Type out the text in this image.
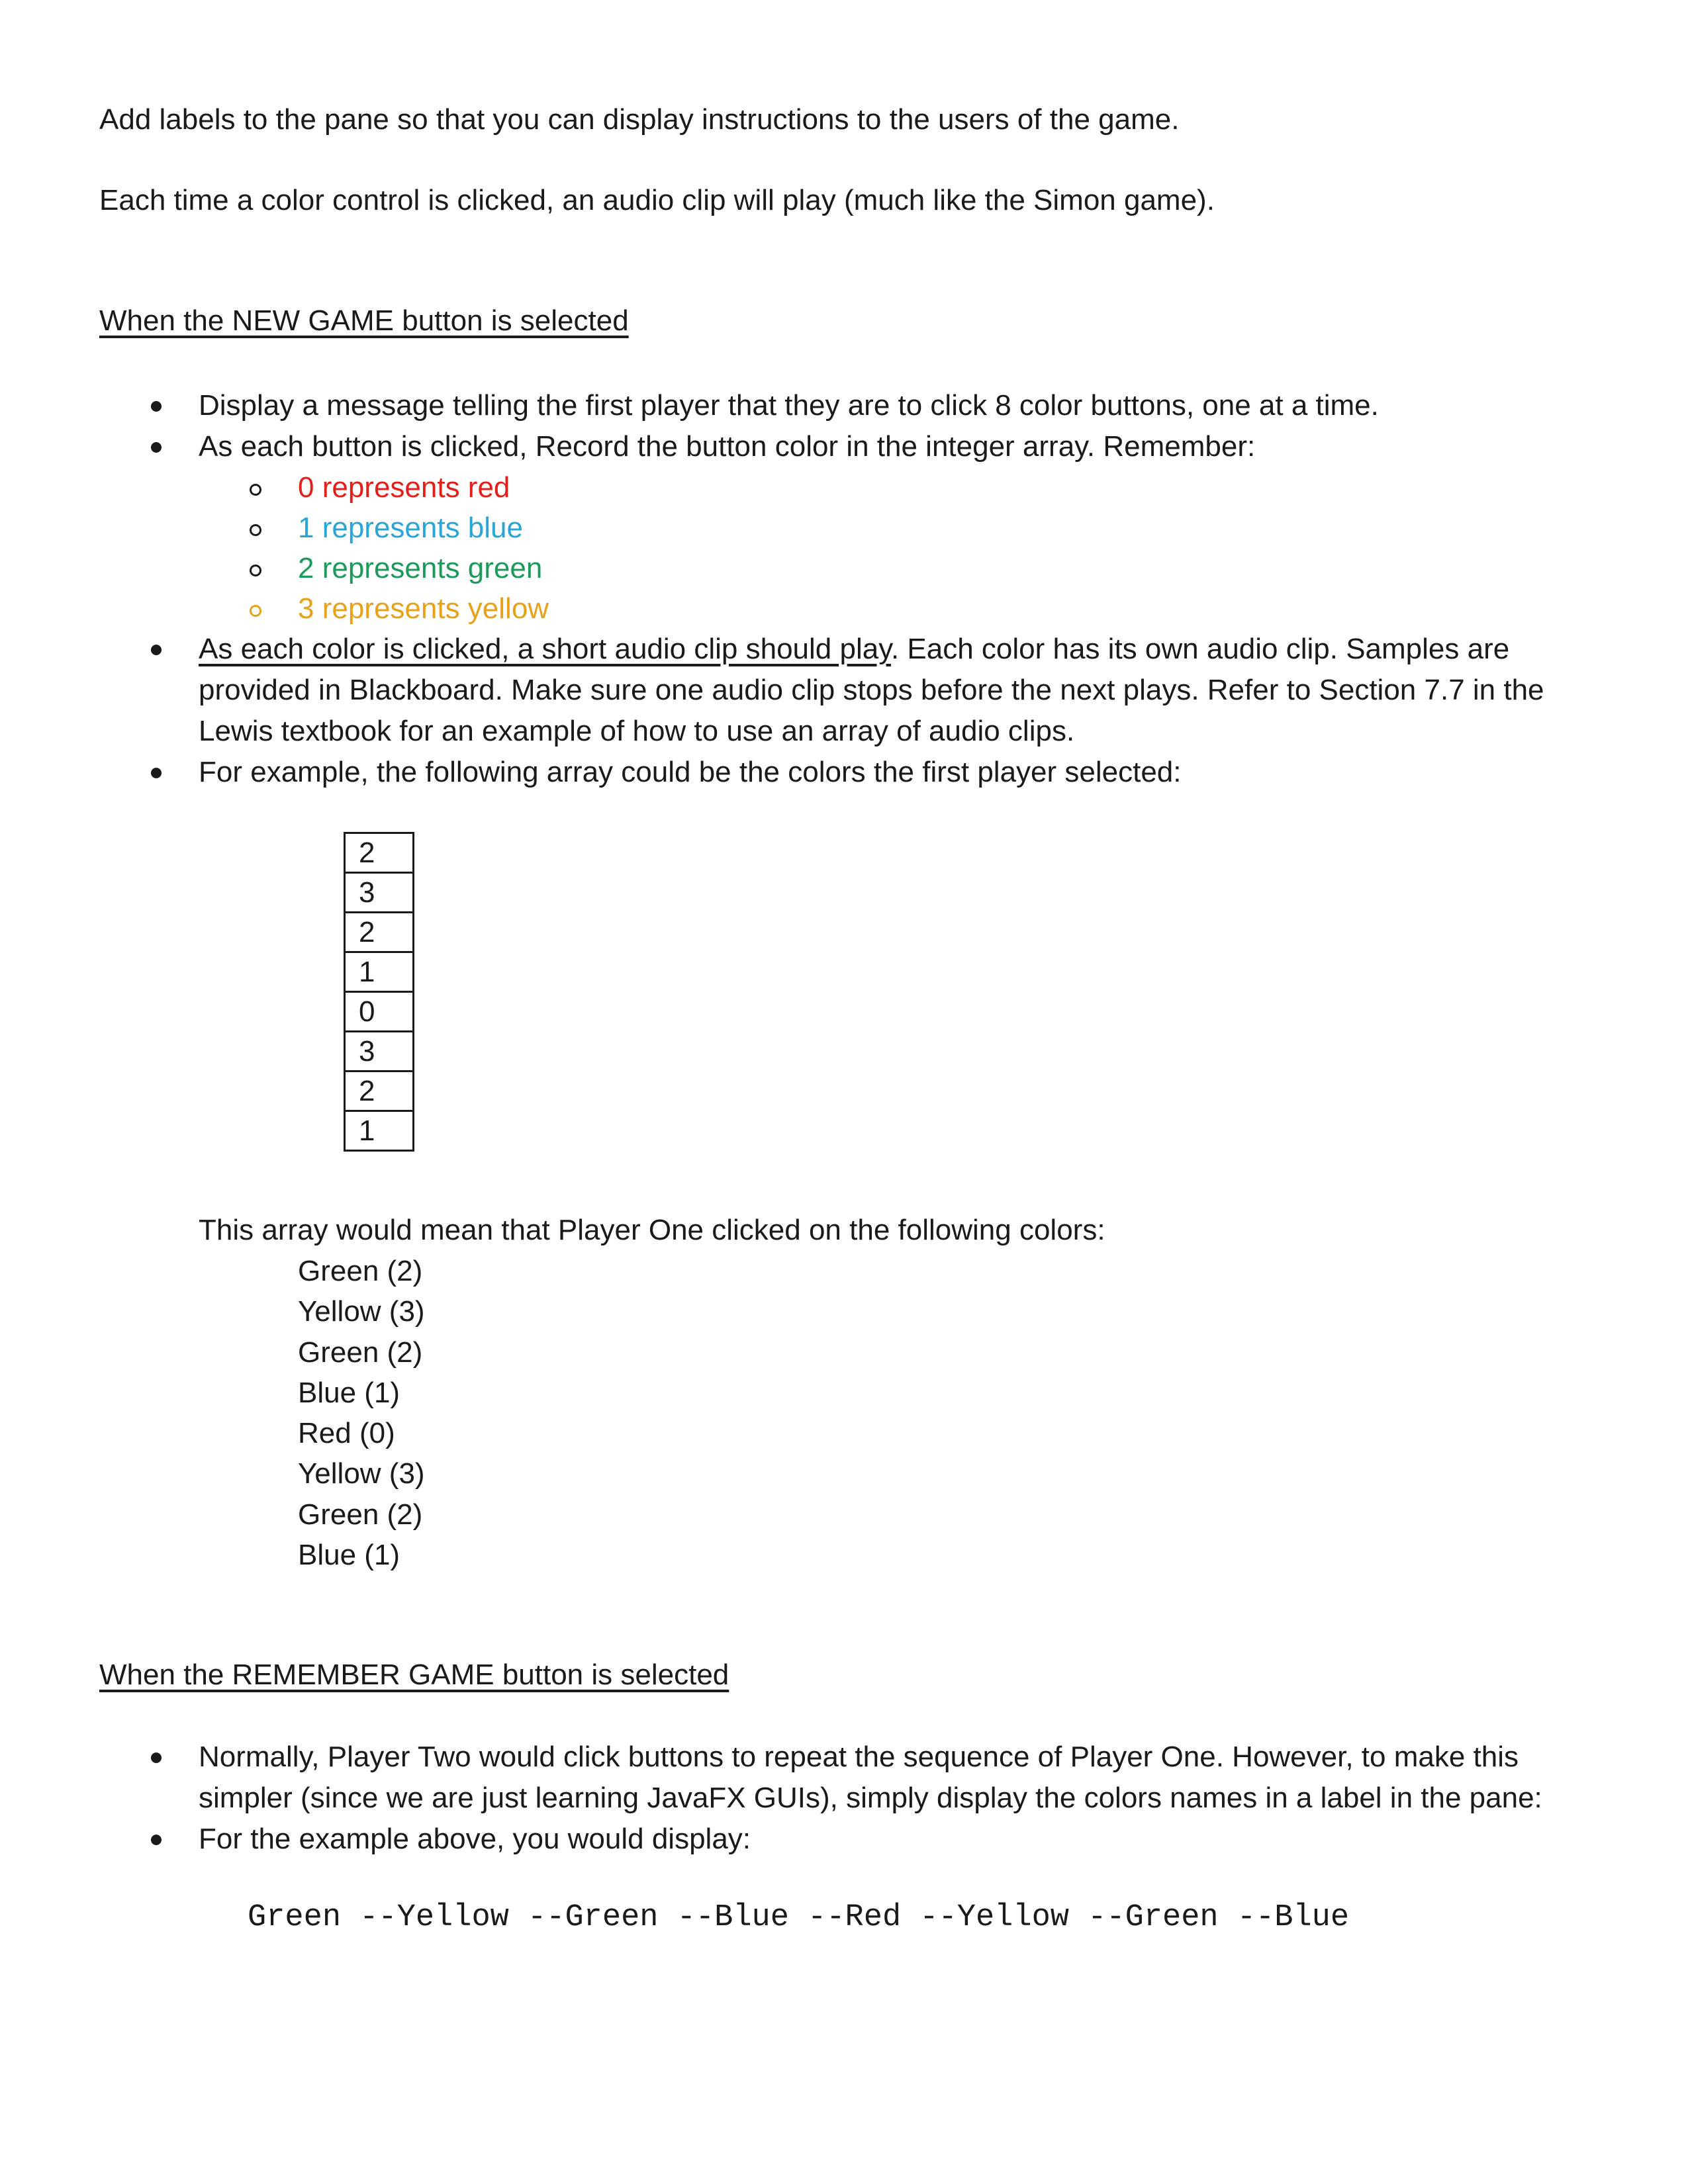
Add labels to the pane so that you can display instructions to the users of the game.
Each time a color control is clicked, an audio clip will play (much like the Simon game).
When the NEW GAME button is selected
Display a message telling the first player that they are to click 8 color buttons, one at a time.
As each button is clicked, Record the button color in the integer array. Remember:
0 represents red
1 represents blue
2 represents green
3 represents yellow
As each color is clicked, a short audio clip should play. Each color has its own audio clip. Samples are provided in Blackboard. Make sure one audio clip stops before the next plays. Refer to Section 7.7 in the Lewis textbook for an example of how to use an array of audio clips.
For example, the following array could be the colors the first player selected:
2
3
2
1
0
3
2
1
This array would mean that Player One clicked on the following colors:
Green (2)
Yellow (3)
Green (2)
Blue (1)
Red (0)
Yellow (3)
Green (2)
Blue (1)
When the REMEMBER GAME button is selected
Normally, Player Two would click buttons to repeat the sequence of Player One. However, to make this simpler (since we are just learning JavaFX GUIs), simply display the colors names in a label in the pane:
For the example above, you would display:
Green --Yellow --Green --Blue --Red --Yellow --Green --Blue
